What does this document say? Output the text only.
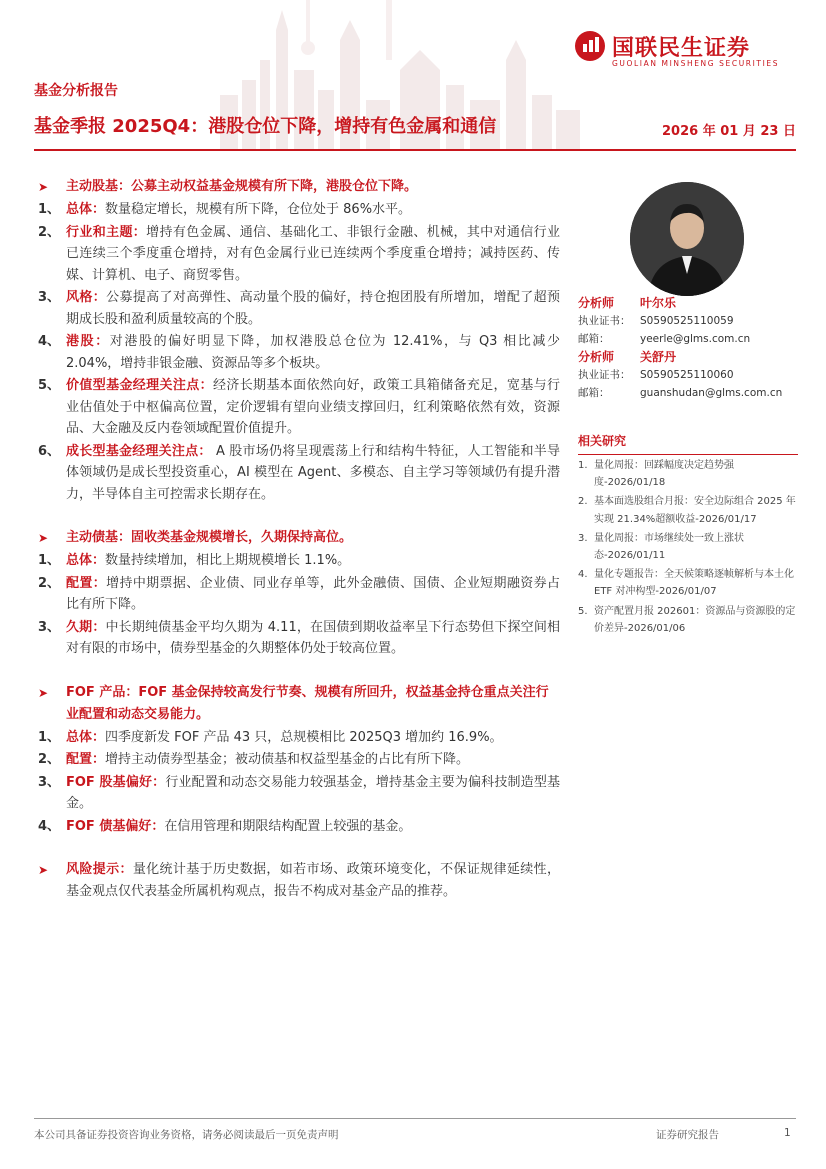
国联民生证券
GUOLIAN MINSHENG SECURITIES
基金分析报告
基金季报 2025Q4：港股仓位下降，增持有色金属和通信	2026 年 01 月 23 日
➤	主动股基：公募主动权益基金规模有所下降，港股仓位下降。
1、 总体：数量稳定增长，规模有所下降，仓位处于 86%水平。
2、 行业和主题：增持有色金属、通信、基础化工、非银行金融、机械，其中对通信行业已连续三个季度重仓增持，对有色金属行业已连续两个季度重仓增持；减持医药、传媒、计算机、电子、商贸零售。
3、 风格：公募提高了对高弹性、高动量个股的偏好，持仓抱团股有所增加，增配了超预期成长股和盈利质量较高的个股。
4、 港股：对港股的偏好明显下降，加权港股总仓位为 12.41%，与 Q3 相比减少 2.04%，增持非银金融、资源品等多个板块。
5、 价值型基金经理关注点：经济长期基本面依然向好，政策工具箱储备充足，宽基与行业估值处于中枢偏高位置，定价逻辑有望向业绩支撑回归，红利策略依然有效，资源品、大金融及反内卷领域配置价值提升。
6、 成长型基金经理关注点： A 股市场仍将呈现震荡上行和结构牛特征，人工智能和半导体领域仍是成长型投资重心，AI 模型在 Agent、多模态、自主学习等领域仍有提升潜力，半导体自主可控需求长期存在。
➤	主动债基：固收类基金规模增长，久期保持高位。
1、 总体：数量持续增加，相比上期规模增长 1.1%。
2、 配置：增持中期票据、企业债、同业存单等，此外金融债、国债、企业短期融资券占比有所下降。
3、 久期：中长期纯债基金平均久期为 4.11，在国债到期收益率呈下行态势但下探空间相对有限的市场中，债券型基金的久期整体仍处于较高位置。
➤	FOF 产品：FOF 基金保持较高发行节奏、规模有所回升，权益基金持仓重点关注行业配置和动态交易能力。
1、 总体：四季度新发 FOF 产品 43 只，总规模相比 2025Q3 增加约 16.9%。
2、 配置：增持主动债券型基金；被动债基和权益型基金的占比有所下降。
3、 FOF 股基偏好：行业配置和动态交易能力较强基金，增持基金主要为偏科技制造型基金。
4、 FOF 债基偏好：在信用管理和期限结构配置上较强的基金。
➤	风险提示：量化统计基于历史数据，如若市场、政策环境变化，不保证规律延续性，基金观点仅代表基金所属机构观点，报告不构成对基金产品的推荐。
分析师	叶尔乐
执业证书： S0590525110059
邮箱：	yeerle@glms.com.cn
分析师	关舒丹
执业证书： S0590525110060
邮箱：	guanshudan@glms.com.cn
相关研究
1. 量化周报：回踩幅度决定趋势强度-2026/01/18
2. 基本面选股组合月报：安全边际组合 2025 年实现 21.34%超额收益-2026/01/17
3. 量化周报：市场继续处一致上涨状态-2026/01/11
4. 量化专题报告：全天候策略逐帧解析与本土化 ETF 对冲构型-2026/01/07
5. 资产配置月报 202601：资源品与资源股的定价差异-2026/01/06
本公司具备证券投资咨询业务资格，请务必阅读最后一页免责声明	证券研究报告	1
